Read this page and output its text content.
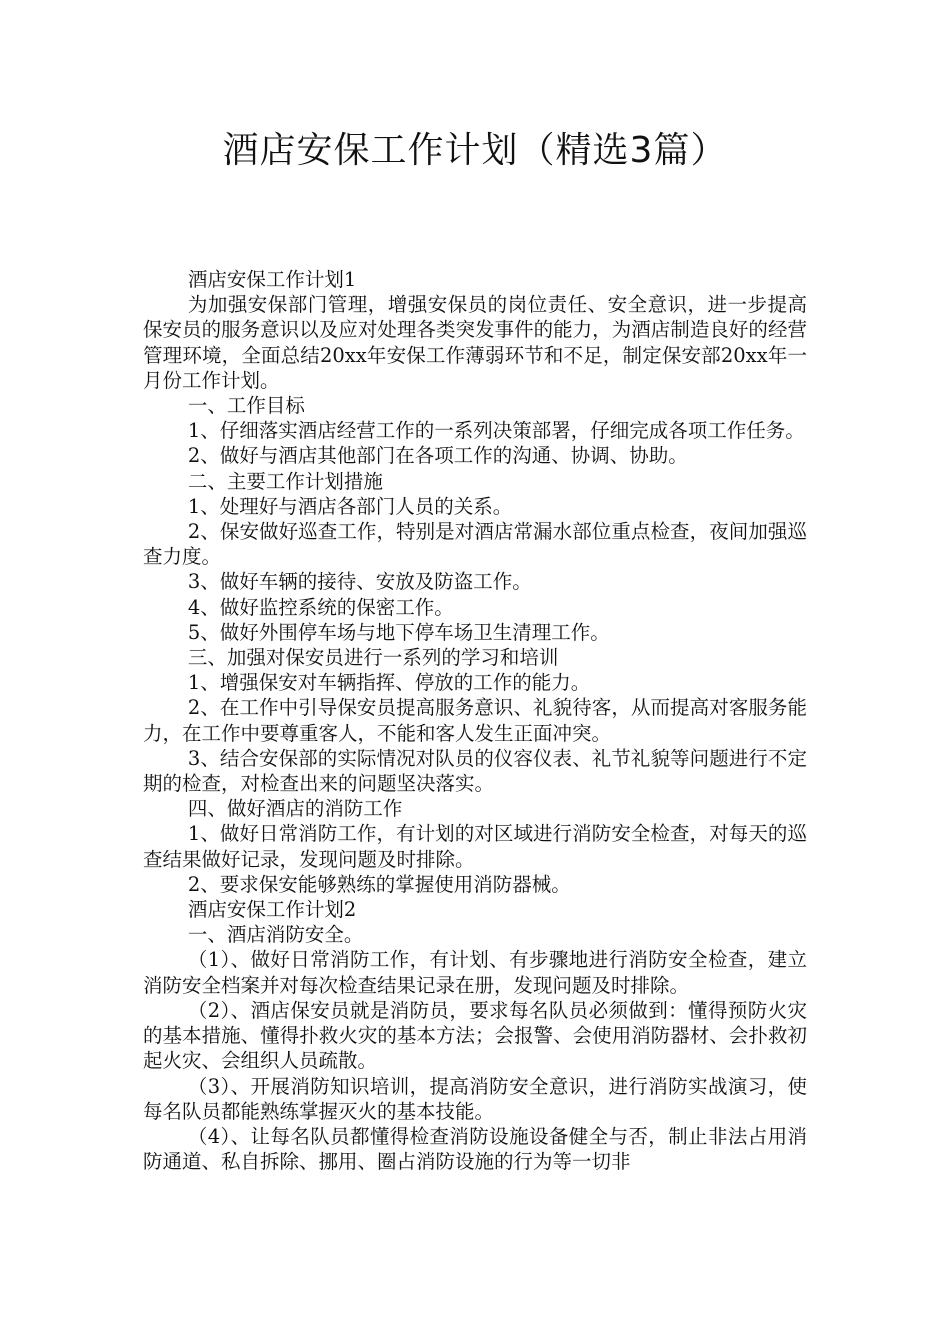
酒店安保工作计划（精选3篇）

酒店安保工作计划1

为加强安保部门管理，增强安保员的岗位责任、安全意识，进一步提高保安员的服务意识以及应对处理各类突发事件的能力，为酒店制造良好的经营管理环境，全面总结20xx年安保工作薄弱环节和不足，制定保安部20xx年一月份工作计划。

一、工作目标

1、仔细落实酒店经营工作的一系列决策部署，仔细完成各项工作任务。

2、做好与酒店其他部门在各项工作的沟通、协调、协助。

二、主要工作计划措施

1、处理好与酒店各部门人员的关系。

2、保安做好巡查工作，特别是对酒店常漏水部位重点检查，夜间加强巡查力度。

3、做好车辆的接待、安放及防盗工作。

4、做好监控系统的保密工作。

5、做好外围停车场与地下停车场卫生清理工作。

三、加强对保安员进行一系列的学习和培训

1、增强保安对车辆指挥、停放的工作的能力。

2、在工作中引导保安员提高服务意识、礼貌待客，从而提高对客服务能力，在工作中要尊重客人，不能和客人发生正面冲突。

3、结合安保部的实际情况对队员的仪容仪表、礼节礼貌等问题进行不定期的检查，对检查出来的问题坚决落实。

四、做好酒店的消防工作

1、做好日常消防工作，有计划的对区域进行消防安全检查，对每天的巡查结果做好记录，发现问题及时排除。

2、要求保安能够熟练的掌握使用消防器械。

酒店安保工作计划2

一、酒店消防安全。

（1）、做好日常消防工作，有计划、有步骤地进行消防安全检查，建立消防安全档案并对每次检查结果记录在册，发现问题及时排除。

（2）、酒店保安员就是消防员，要求每名队员必须做到：懂得预防火灾的基本措施、懂得扑救火灾的基本方法；会报警、会使用消防器材、会扑救初起火灾、会组织人员疏散。

（3）、开展消防知识培训，提高消防安全意识，进行消防实战演习，使每名队员都能熟练掌握灭火的基本技能。

（4）、让每名队员都懂得检查消防设施设备健全与否，制止非法占用消防通道、私自拆除、挪用、圈占消防设施的行为等一切非
